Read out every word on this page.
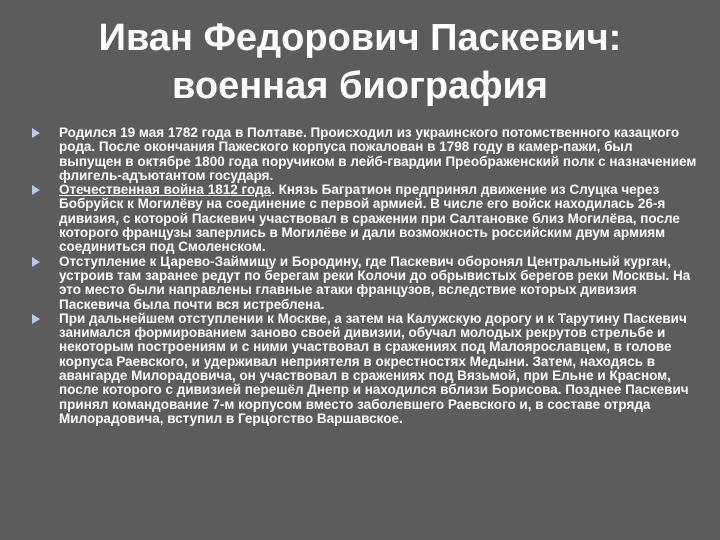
Иван Федорович Паскевич:
военная биография
Родился 19 мая 1782 года в Полтаве. Происходил из украинского потомственного казацкого рода. После окончания Пажеского корпуса пожалован в 1798 году в камер-пажи, был выпущен в октябре 1800 года поручиком в лейб-гвардии Преображенский полк с назначением флигель-адъютантом государя.
Отечественная война 1812 года. Князь Багратион предпринял движение из Слуцка через Бобруйск к Могилёву на соединение с первой армией. В числе его войск находилась 26-я дивизия, с которой Паскевич участвовал в сражении при Салтановке близ Могилёва, после которого французы заперлись в Могилёве и дали возможность российским двум армиям соединиться под Смоленском.
Отступление к Царево-Займищу и Бородину, где Паскевич оборонял Центральный курган, устроив там заранее редут по берегам реки Колочи до обрывистых берегов реки Москвы. На это место были направлены главные атаки французов, вследствие которых дивизия Паскевича была почти вся истреблена.
При дальнейшем отступлении к Москве, а затем на Калужскую дорогу и к Тарутину Паскевич занимался формированием заново своей дивизии, обучал молодых рекрутов стрельбе и некоторым построениям и с ними участвовал в сражениях под Малоярославцем, в голове корпуса Раевского, и удерживал неприятеля в окрестностях Медыни. Затем, находясь в авангарде Милорадовича, он участвовал в сражениях под Вязьмой, при Ельне и Красном, после которого с дивизией перешёл Днепр и находился вблизи Борисова. Позднее Паскевич принял командование 7-м корпусом вместо заболевшего Раевского и, в составе отряда Милорадовича, вступил в Герцогство Варшавское.
